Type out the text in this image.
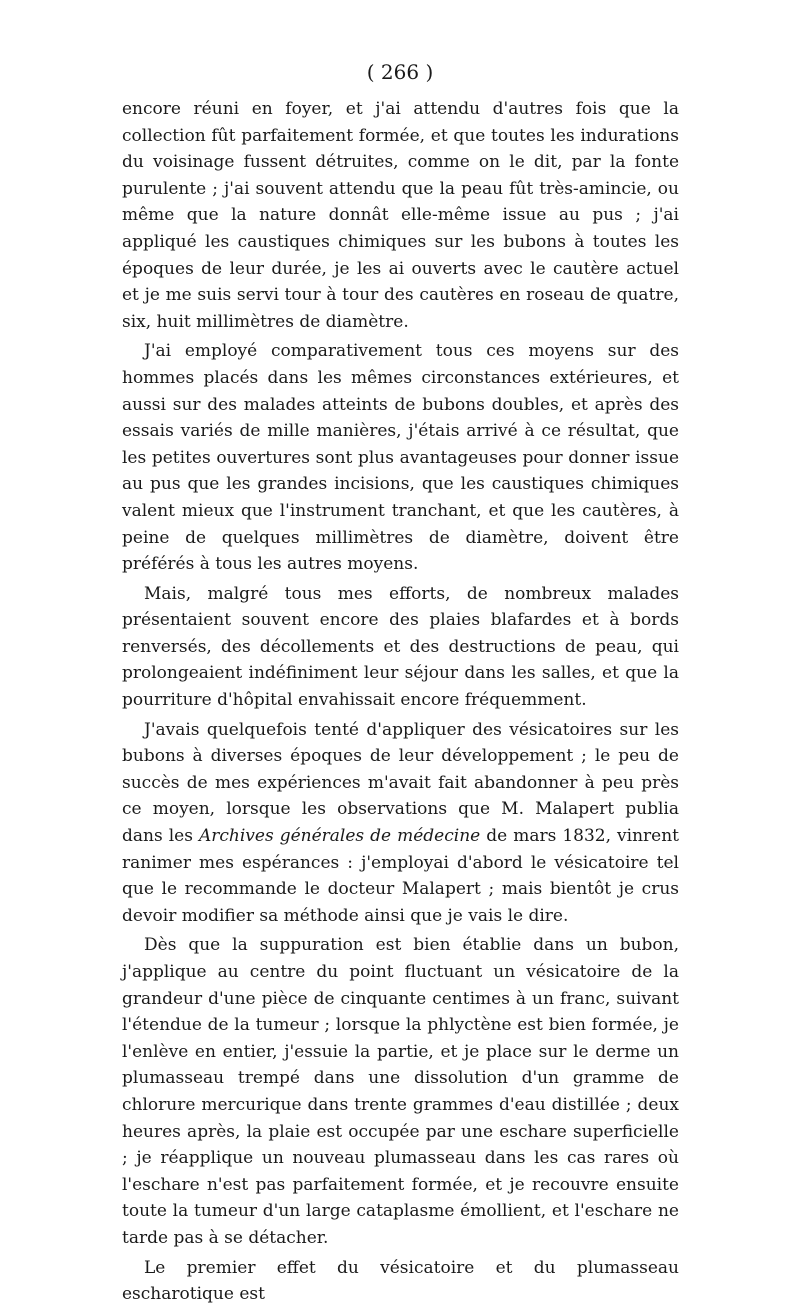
( 266 )

encore réuni en foyer, et j'ai attendu d'autres fois que la collection fût parfaitement formée, et que toutes les indurations du voisinage fussent détruites, comme on le dit, par la fonte purulente ; j'ai souvent attendu que la peau fût très-amincie, ou même que la nature donnât elle-même issue au pus ; j'ai appliqué les caustiques chimiques sur les bubons à toutes les époques de leur durée, je les ai ouverts avec le cautère actuel et je me suis servi tour à tour des cautères en roseau de quatre, six, huit millimètres de diamètre.

J'ai employé comparativement tous ces moyens sur des hommes placés dans les mêmes circonstances extérieures, et aussi sur des malades atteints de bubons doubles, et après des essais variés de mille manières, j'étais arrivé à ce résultat, que les petites ouvertures sont plus avantageuses pour donner issue au pus que les grandes incisions, que les caustiques chimiques valent mieux que l'instrument tranchant, et que les cautères, à peine de quelques millimètres de diamètre, doivent être préférés à tous les autres moyens.

Mais, malgré tous mes efforts, de nombreux malades présentaient souvent encore des plaies blafardes et à bords renversés, des décollements et des destructions de peau, qui prolongeaient indéfiniment leur séjour dans les salles, et que la pourriture d'hôpital envahissait encore fréquemment.

J'avais quelquefois tenté d'appliquer des vésicatoires sur les bubons à diverses époques de leur développement ; le peu de succès de mes expériences m'avait fait abandonner à peu près ce moyen, lorsque les observations que M. Malapert publia dans les Archives générales de médecine de mars 1832, vinrent ranimer mes espérances : j'employai d'abord le vésicatoire tel que le recommande le docteur Malapert ; mais bientôt je crus devoir modifier sa méthode ainsi que je vais le dire.

Dès que la suppuration est bien établie dans un bubon, j'applique au centre du point fluctuant un vésicatoire de la grandeur d'une pièce de cinquante centimes à un franc, suivant l'étendue de la tumeur ; lorsque la phlyctène est bien formée, je l'enlève en entier, j'essuie la partie, et je place sur le derme un plumasseau trempé dans une dissolution d'un gramme de chlorure mercurique dans trente grammes d'eau distillée ; deux heures après, la plaie est occupée par une eschare superficielle ; je réapplique un nouveau plumasseau dans les cas rares où l'eschare n'est pas parfaitement formée, et je recouvre ensuite toute la tumeur d'un large cataplasme émollient, et l'eschare ne tarde pas à se détacher.

Le premier effet du vésicatoire et du plumasseau escharotique est
